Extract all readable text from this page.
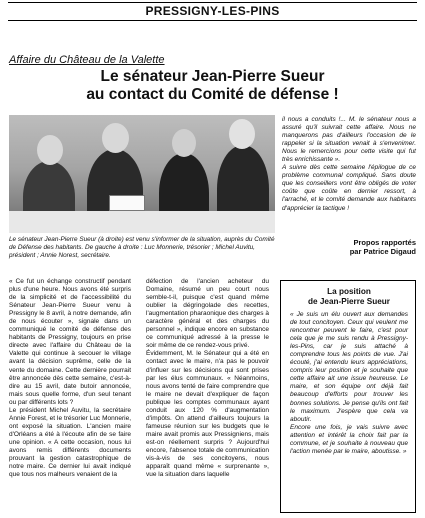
PRESSIGNY-LES-PINS
Affaire du Château de la Valette
Le sénateur Jean-Pierre Sueur
au contact du Comité de défense !
Le sénateur Jean-Pierre Sueur (à droite) est venu s'informer de la situation, auprès du Comité de Défense des habitants. De gauche à droite : Luc Monnerie, trésorier ; Michel Auvitu, président ; Annie Norest, secrétaire.

il nous a conduits !... M. le sénateur nous a assuré qu'il suivrait cette affaire. Nous ne manquerons pas d'ailleurs l'occasion de le rappeler si la situation venait à s'envenimer. Nous le remercions pour cette visite qui fut très enrichissante ».
A suivre dès cette semaine l'épilogue de ce problème communal compliqué. Sans doute que les conseillers vont être obligés de voter coûte que coûte en dernier ressort, à l'arraché, et le comité demande aux habitants d'apprécier la tactique !

Propos rapportés
par Patrice Digaud

« Ce fut un échange constructif pendant plus d'une heure. Nous avons été surpris de la simplicité et de l'accessibilité du Sénateur Jean-Pierre Sueur venu à Pressigny le 8 avril, à notre demande, afin de nous écouter », signale dans un communiqué le comité de défense des habitants de Pressigny, toujours en prise directe avec l'affaire du Château de la Valette qui continue à secouer le village avant la décision suprême, celle de la vente du domaine. Cette dernière pourrait être annoncée dès cette semaine, c'est-à-dire au 15 avril, date butoir annoncée, mais sous quelle forme, d'un seul tenant ou par différents lots ?
Le président Michel Auvitu, la secrétaire Annie Forest, et le trésorier Luc Monnerie, ont exposé la situation. L'ancien maire d'Orléans a été à l'écoute afin de se faire une opinion. « A cette occasion, nous lui avons remis différents documents prouvant la gestion catastrophique de notre maire. Ce dernier lui avait indiqué que tous nos malheurs venaient de la

défection de l'ancien acheteur du Domaine, résumé un peu court nous semble-t-il, puisque c'est quand même oublier la dégringolade des recettes, l'augmentation pharaonique des charges à caractère général et des charges du personnel », indique encore en substance ce communiqué adressé à la presse le soir même de ce rendez-vous privé.
Évidemment, M. le Sénateur qui a été en contact avec le maire, n'a pas le pouvoir d'influer sur les décisions qui sont prises par les élus communaux. « Néanmoins, nous avons tenté de faire comprendre que le maire ne devait d'expliquer de façon publique les comptes communaux ayant conduit aux 120 % d'augmentation d'impôts. On attend d'ailleurs toujours la fameuse réunion sur les budgets que le maire avait promis aux Pressigniens, mais est-on réellement surpris ? Aujourd'hui encore, l'absence totale de communication vis-à-vis de ses concitoyens, nous apparaît quand même « surprenante », vue la situation dans laquelle

La position
de Jean-Pierre Sueur
« Je suis un élu ouvert aux demandes de tout concitoyen. Ceux qui veulent me rencontrer peuvent le faire, c'est pour cela que je me suis rendu à Pressigny-les-Pins, car je suis attaché à comprendre tous les points de vue. J'ai écouté, j'ai entendu leurs appréciations, compris leur position et je souhaite que cette affaire ait une issue heureuse. Le maire, et son équipe ont déjà fait beaucoup d'efforts pour trouver les bonnes solutions. Je pense qu'ils ont fait le maximum. J'espère que cela va aboutir.
Encore une fois, je vais suivre avec attention et intérêt la choix fait par la commune, et je souhaite à nouveau que l'action menée par le maire, aboutisse. »
